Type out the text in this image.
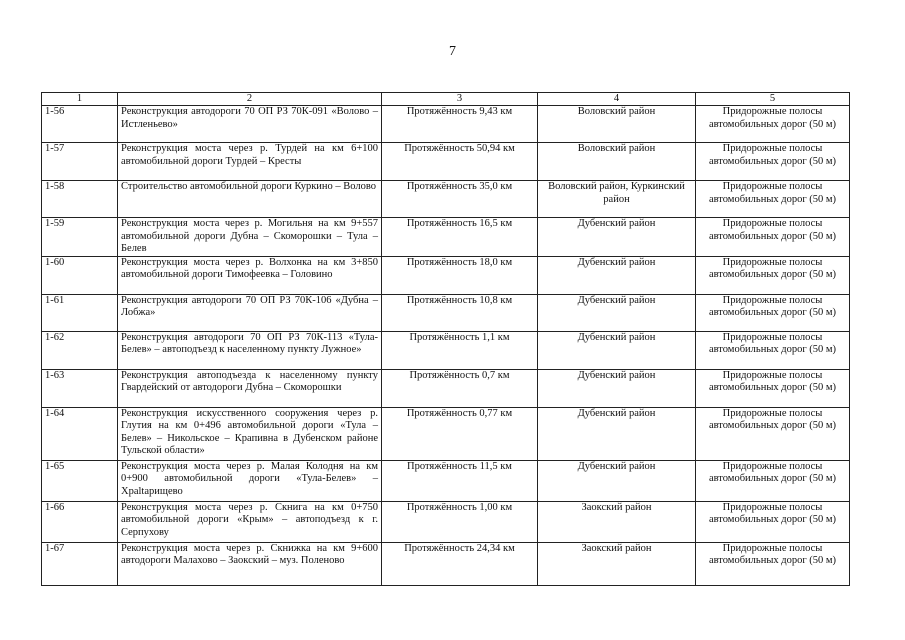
7
1	2	3	4	5
1-56	Реконструкция автодороги 70 ОП РЗ 70К-091 «Волово – Истленьево»	Протяжённость 9,43 км	Воловский район	Придорожные полосы автомобильных дорог (50 м)
1-57	Реконструкция моста через р. Турдей на км 6+100 автомобильной дороги Турдей – Кресты	Протяжённость 50,94 км	Воловский район	Придорожные полосы автомобильных дорог (50 м)
1-58	Строительство автомобильной дороги Куркино – Волово	Протяжённость 35,0 км	Воловский район, Куркинский район	Придорожные полосы автомобильных дорог (50 м)
1-59	Реконструкция моста через р. Могильня на км 9+557 автомобильной дороги Дубна – Скоморошки – Тула – Белев	Протяжённость 16,5 км	Дубенский район	Придорожные полосы автомобильных дорог (50 м)
1-60	Реконструкция моста через р. Волхонка на км 3+850 автомобильной дороги Тимофеевка – Головино	Протяжённость 18,0 км	Дубенский район	Придорожные полосы автомобильных дорог (50 м)
1-61	Реконструкция автодороги 70 ОП РЗ 70К-106 «Дубна – Лобжа»	Протяжённость 10,8 км	Дубенский район	Придорожные полосы автомобильных дорог (50 м)
1-62	Реконструкция автодороги 70 ОП РЗ 70К-113 «Тула-Белев» – автоподъезд к населенному пункту Лужное»	Протяжённость 1,1 км	Дубенский район	Придорожные полосы автомобильных дорог (50 м)
1-63	Реконструкция автоподъезда к населенному пункту Гвардейский от автодороги Дубна – Скоморошки	Протяжённость 0,7 км	Дубенский район	Придорожные полосы автомобильных дорог (50 м)
1-64	Реконструкция искусственного сооружения через р. Глутия на км 0+496 автомобильной дороги «Тула – Белев» – Никольское – Крапивна в Дубенском районе Тульской области»	Протяжённость 0,77 км	Дубенский район	Придорожные полосы автомобильных дорог (50 м)
1-65	Реконструкция моста через р. Малая Колодня на км 0+900 автомобильной дороги «Тула-Белев» – Хрaltaрищево	Протяжённость 11,5 км	Дубенский район	Придорожные полосы автомобильных дорог (50 м)
1-66	Реконструкция моста через р. Скнига на км 0+750 автомобильной дороги «Крым» – автоподъезд к г. Серпухову	Протяжённость 1,00 км	Заокский район	Придорожные полосы автомобильных дорог (50 м)
1-67	Реконструкция моста через р. Скнижка на км 9+600 автодороги Малахово – Заокский – муз. Поленово	Протяжённость 24,34 км	Заокский район	Придорожные полосы автомобильных дорог (50 м)
